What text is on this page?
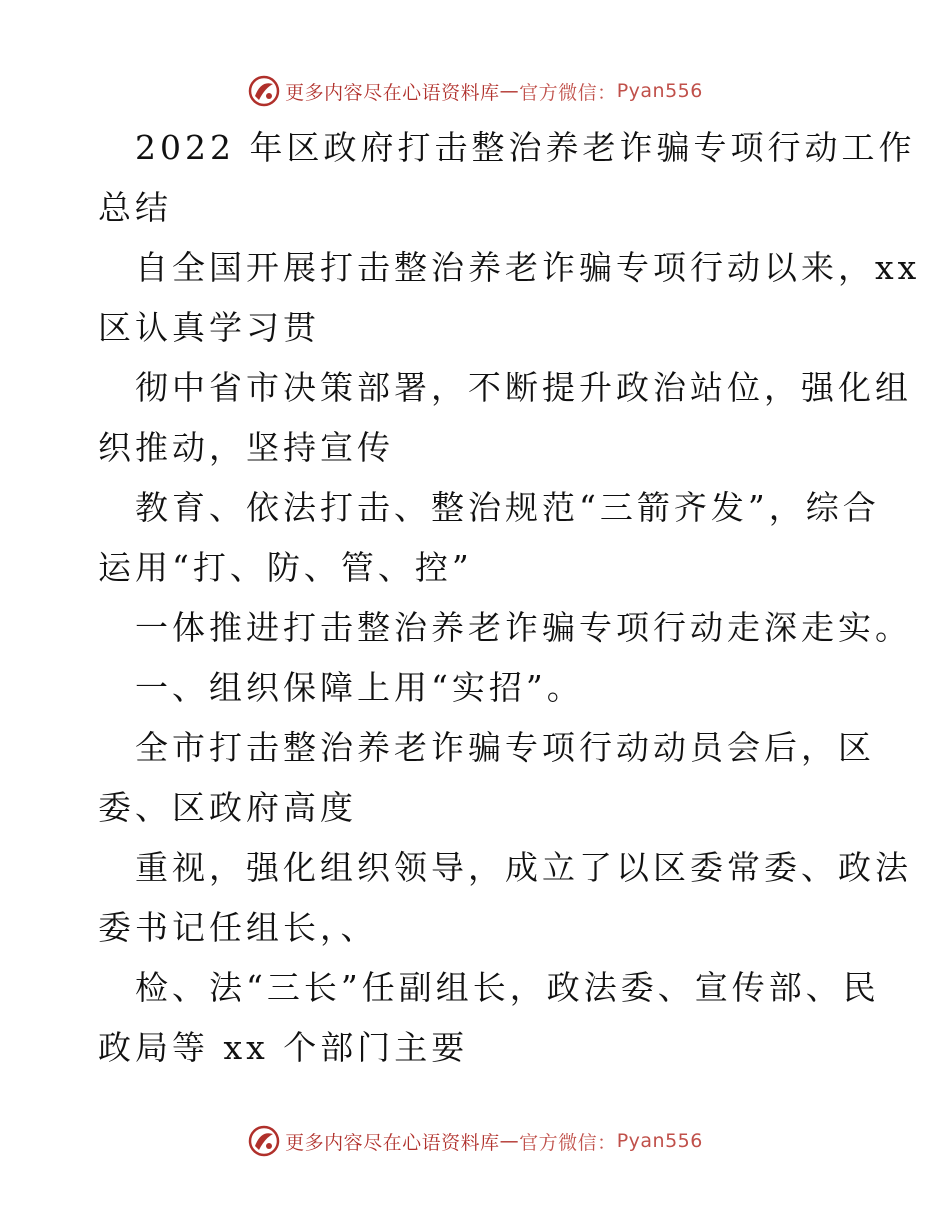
更多内容尽在心语资料库 — 官方微信： Pyan556

2022 年区政府打击整治养老诈骗专项行动工作
总结

自全国开展打击整治养老诈骗专项行动以来，xx
区认真学习贯

彻中省市决策部署，不断提升政治站位，强化组
织推动，坚持宣传

教育、依法打击、整治规范“三箭齐发”，综合
运用“打、防、管、控”

一体推进打击整治养老诈骗专项行动走深走实。

一、组织保障上用“实招”。

全市打击整治养老诈骗专项行动动员会后，区
委、区政府高度

重视，强化组织领导，成立了以区委常委、政法
委书记任组长，、

检、法“三长”任副组长，政法委、宣传部、民
政局等 xx 个部门主要

更多内容尽在心语资料库 — 官方微信： Pyan556
